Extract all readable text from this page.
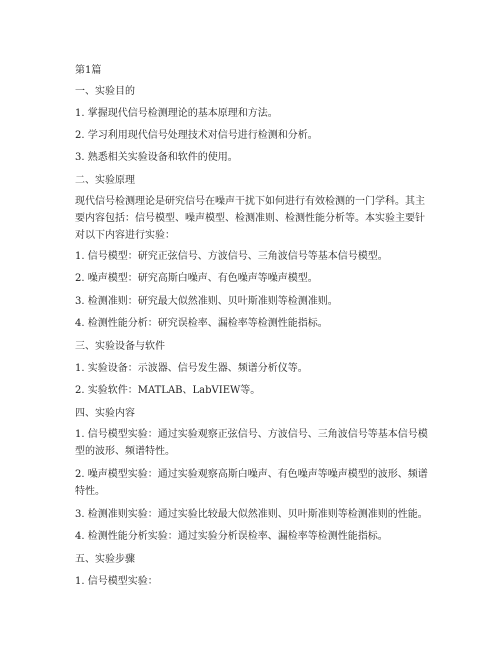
第1篇
一、实验目的
1. 掌握现代信号检测理论的基本原理和方法。
2. 学习利用现代信号处理技术对信号进行检测和分析。
3. 熟悉相关实验设备和软件的使用。
二、实验原理
现代信号检测理论是研究信号在噪声干扰下如何进行有效检测的一门学科。其主要内容包括：信号模型、噪声模型、检测准则、检测性能分析等。本实验主要针对以下内容进行实验：
1. 信号模型：研究正弦信号、方波信号、三角波信号等基本信号模型。
2. 噪声模型：研究高斯白噪声、有色噪声等噪声模型。
3. 检测准则：研究最大似然准则、贝叶斯准则等检测准则。
4. 检测性能分析：研究误检率、漏检率等检测性能指标。
三、实验设备与软件
1. 实验设备：示波器、信号发生器、频谱分析仪等。
2. 实验软件：MATLAB、LabVIEW等。
四、实验内容
1. 信号模型实验：通过实验观察正弦信号、方波信号、三角波信号等基本信号模型的波形、频谱特性。
2. 噪声模型实验：通过实验观察高斯白噪声、有色噪声等噪声模型的波形、频谱特性。
3. 检测准则实验：通过实验比较最大似然准则、贝叶斯准则等检测准则的性能。
4. 检测性能分析实验：通过实验分析误检率、漏检率等检测性能指标。
五、实验步骤
1. 信号模型实验：
